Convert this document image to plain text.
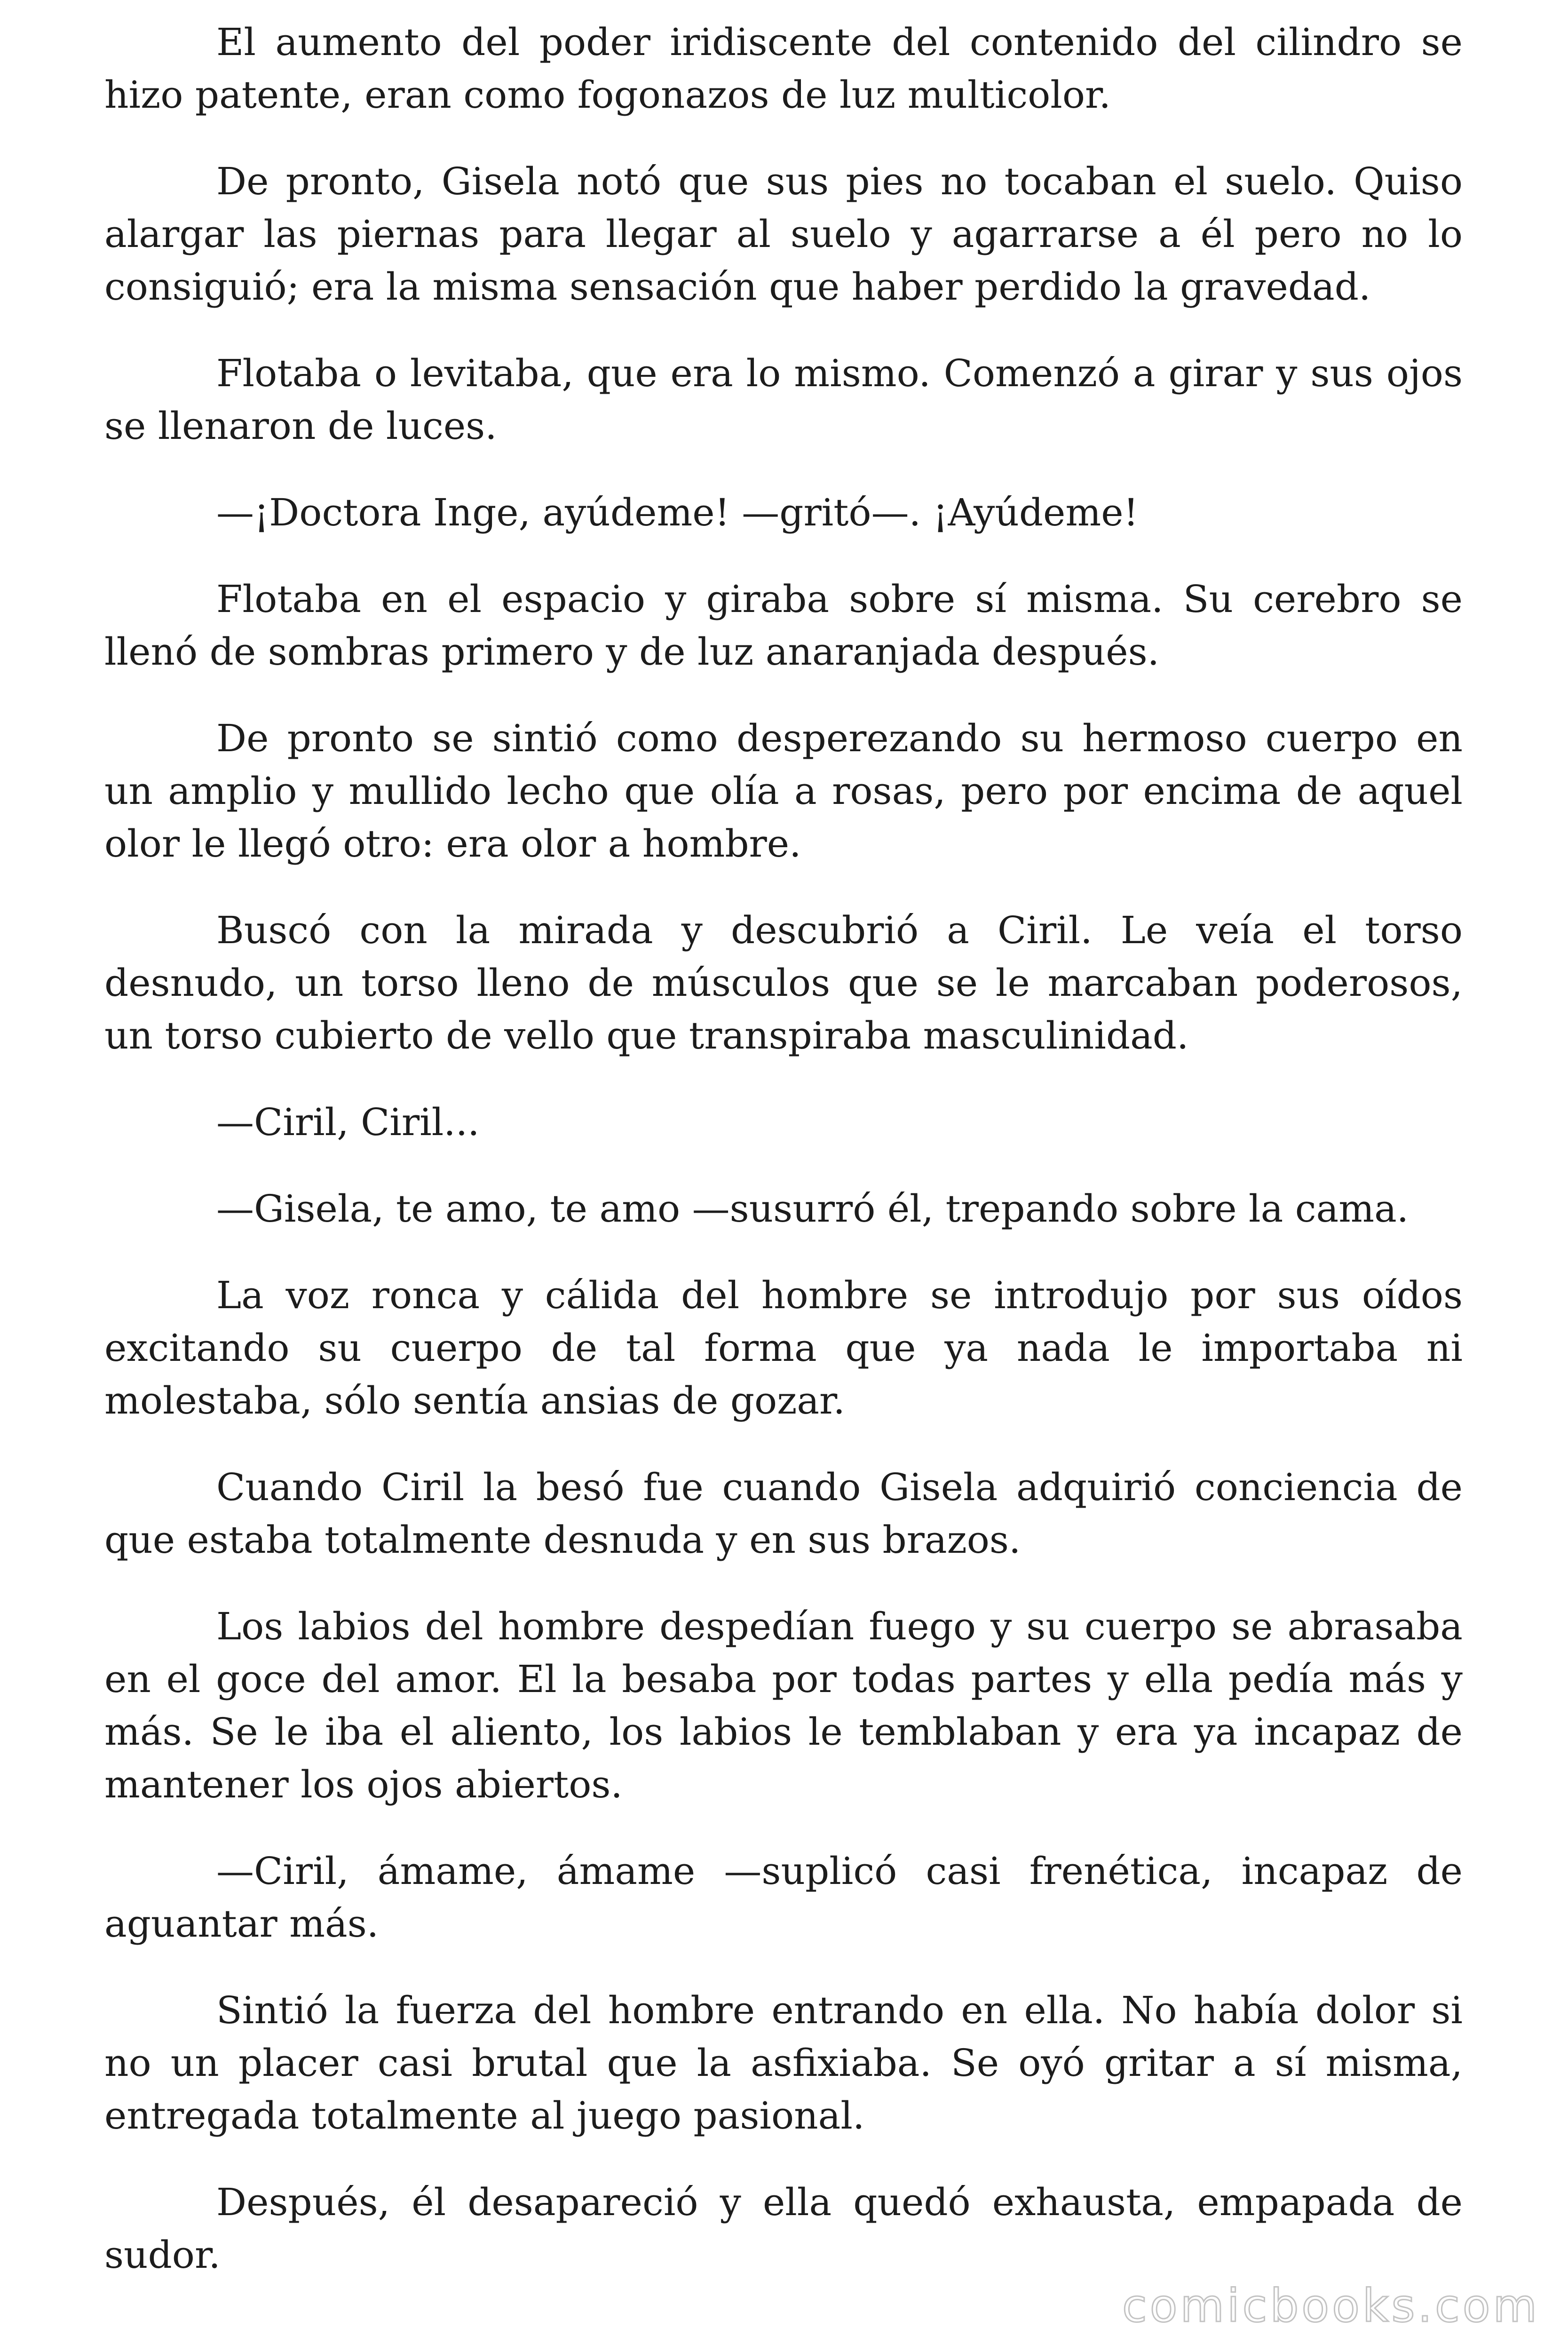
El aumento del poder iridiscente del contenido del cilindro se hizo patente, eran como fogonazos de luz multicolor.

De pronto, Gisela notó que sus pies no tocaban el suelo. Quiso alargar las piernas para llegar al suelo y agarrarse a él pero no lo consiguió; era la misma sensación que haber perdido la gravedad.

Flotaba o levitaba, que era lo mismo. Comenzó a girar y sus ojos se llenaron de luces.

—¡Doctora Inge, ayúdeme! —gritó—. ¡Ayúdeme!

Flotaba en el espacio y giraba sobre sí misma. Su cerebro se llenó de sombras primero y de luz anaranjada después.

De pronto se sintió como desperezando su hermoso cuerpo en un amplio y mullido lecho que olía a rosas, pero por encima de aquel olor le llegó otro: era olor a hombre.

Buscó con la mirada y descubrió a Ciril. Le veía el torso desnudo, un torso lleno de músculos que se le marcaban poderosos, un torso cubierto de vello que transpiraba masculinidad.

—Ciril, Ciril...

—Gisela, te amo, te amo —susurró él, trepando sobre la cama.

La voz ronca y cálida del hombre se introdujo por sus oídos excitando su cuerpo de tal forma que ya nada le importaba ni molestaba, sólo sentía ansias de gozar.

Cuando Ciril la besó fue cuando Gisela adquirió conciencia de que estaba totalmente desnuda y en sus brazos.

Los labios del hombre despedían fuego y su cuerpo se abrasaba en el goce del amor. El la besaba por todas partes y ella pedía más y más. Se le iba el aliento, los labios le temblaban y era ya incapaz de mantener los ojos abiertos.

—Ciril, ámame, ámame —suplicó casi frenética, incapaz de aguantar más.

Sintió la fuerza del hombre entrando en ella. No había dolor si no un placer casi brutal que la asfixiaba. Se oyó gritar a sí misma, entregada totalmente al juego pasional.

Después, él desapareció y ella quedó exhausta, empapada de sudor.

comicbooks.com
